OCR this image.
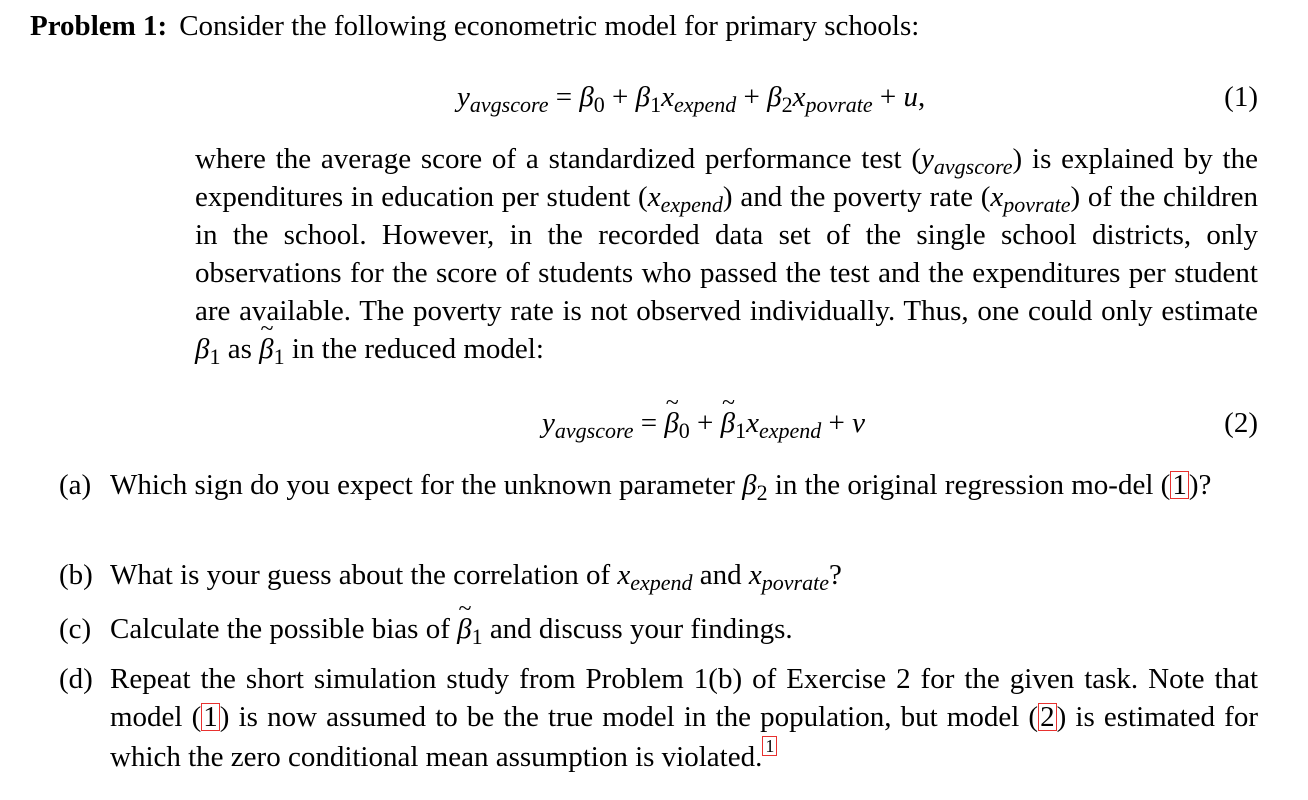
Problem 1: Consider the following econometric model for primary schools:
$y_{avgscore} = \beta_0 + \beta_1x_{expend} + \beta_2x_{povrate} + u$,	(1)

where the average score of a standardized performance test $(y_{avgscore})$ is explained by the expenditures in education per student $(x_{expend})$ and the poverty rate $(x_{povrate})$ of the children in the school. However, in the recorded data set of the single school districts, only observations for the score of students who passed the test and the expenditures per student are available. The poverty rate is not observed individually. Thus, one could only estimate $\beta_1$ as β $\sim_1$ in the reduced model:

$y_{avgscore} = \beta$ $\sim_0 + \beta$ $\sim_1x_{expend} + v$	(2)
(a) Which sign do you expect for the unknown parameter $\beta_2$ in the original regression mo-del (1)?
(b) What is your guess about the correlation of $x_{expend}$ and $x_{povrate}$?
(c) Calculate the possible bias of β $\sim_1$ and discuss your findings.
(d) Repeat the short simulation study from Problem 1(b) of Exercise 2 for the given task. Note that model (1) is now assumed to be the true model in the population, but model (2) is estimated for which the zero conditional mean assumption is violated. 1
